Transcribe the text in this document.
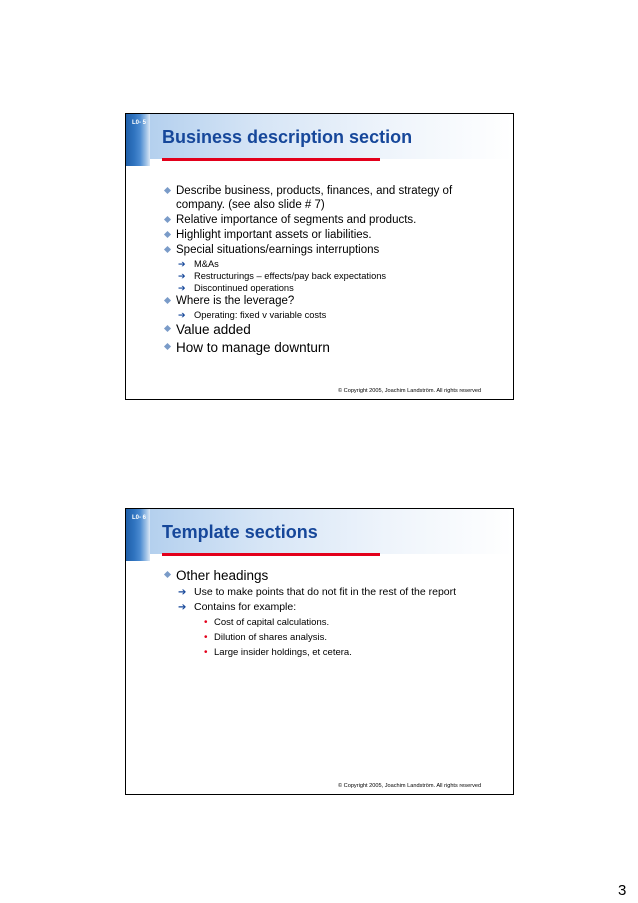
L0- 5
Business description section
Describe business, products, finances, and strategy of company. (see also slide # 7)
Relative importance of segments and products.
Highlight important assets or liabilities.
Special situations/earnings interruptions
➔ M&As
➔ Restructurings – effects/pay back expectations
➔ Discontinued operations
Where is the leverage?
➔ Operating: fixed v variable costs
Value added
How to manage downturn
© Copyright 2005, Joachim Landström. All rights reserved
L0- 6
Template sections
Other headings
➔ Use to make points that do not fit in the rest of the report
➔ Contains for example:
• Cost of capital calculations.
• Dilution of shares analysis.
• Large insider holdings, et cetera.
© Copyright 2005, Joachim Landström. All rights reserved
3
